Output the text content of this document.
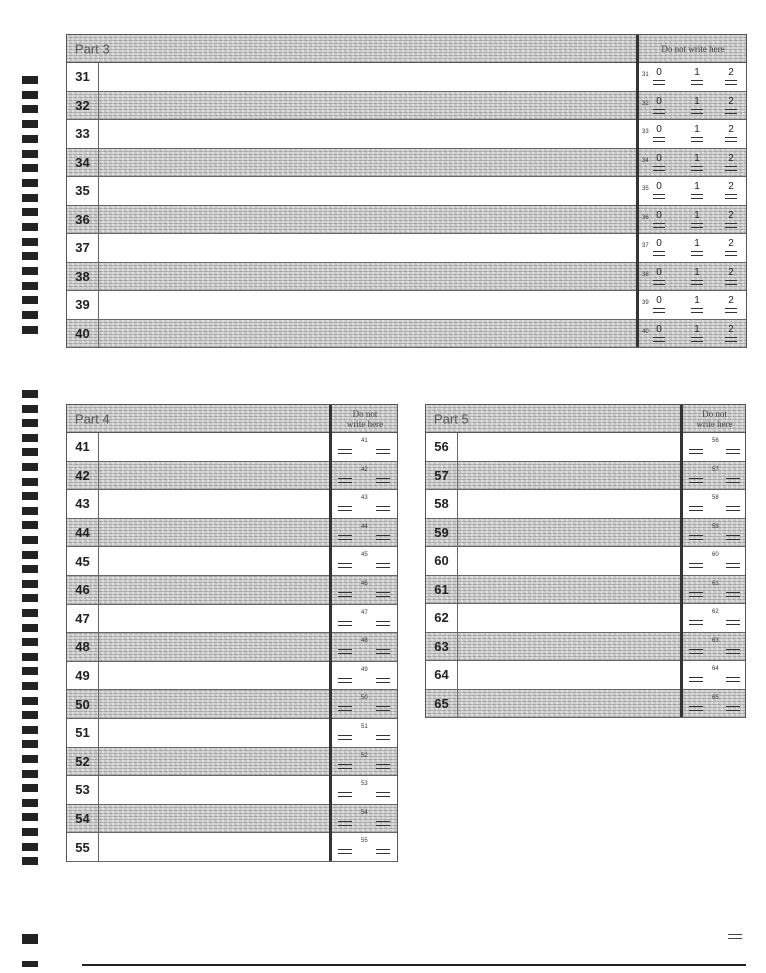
Part 3	Do not write here
31	31 0	1	2
32	32 0	1	2
33	33 0	1	2
34	34 0	1	2
35	35 0	1	2
36	36 0	1	2
37	37 0	1	2
38	38 0	1	2
39	39 0	1	2
40	40 0	1	2
Part 4	Do not
write here
41	41
42	42
43	43
44	44
45	45
46	46
47	47
48	48
49	49
50	50
51	51
52	52
53	53
54	54
55	55
Part 5	Do not
write here
56	56
57	57
58	58
59	59
60	60
61	61
62	62
63	63
64	64
65	65
